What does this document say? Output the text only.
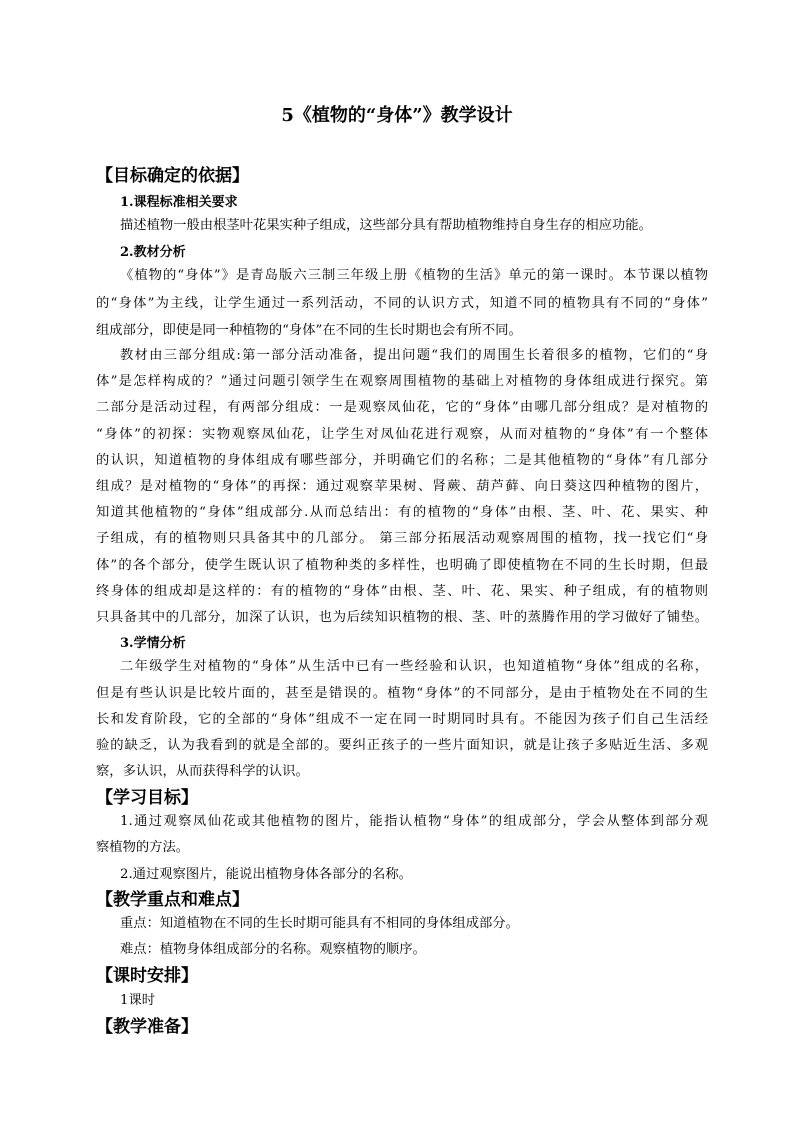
5《植物的“身体”》教学设计
【目标确定的依据】
1.课程标准相关要求
描述植物一般由根茎叶花果实种子组成，这些部分具有帮助植物维持自身生存的相应功能。
2.教材分析
《植物的“身体”》是青岛版六三制三年级上册《植物的生活》单元的第一课时。本节课以植物
的“身体”为主线，让学生通过一系列活动，不同的认识方式，知道不同的植物具有不同的“身体”
组成部分，即使是同一种植物的“身体”在不同的生长时期也会有所不同。
教材由三部分组成:第一部分活动准备，提出问题“我们的周围生长着很多的植物，它们的“身
体”是怎样构成的？”通过问题引领学生在观察周围植物的基础上对植物的身体组成进行探究。第
二部分是活动过程，有两部分组成：一是观察凤仙花，它的“身体”由哪几部分组成？是对植物的
“身体”的初探：实物观察凤仙花，让学生对凤仙花进行观察，从而对植物的“身体”有一个整体
的认识，知道植物的身体组成有哪些部分，并明确它们的名称；二是其他植物的“身体”有几部分
组成？是对植物的“身体”的再探：通过观察苹果树、肾蕨、葫芦藓、向日葵这四种植物的图片，
知道其他植物的“身体”组成部分.从而总结出：有的植物的“身体”由根、茎、叶、花、果实、种
子组成，有的植物则只具备其中的几部分。 第三部分拓展活动观察周围的植物，找一找它们“身
体”的各个部分，使学生既认识了植物种类的多样性，也明确了即使植物在不同的生长时期，但最
终身体的组成却是这样的：有的植物的“身体”由根、茎、叶、花、果实、种子组成，有的植物则
只具备其中的几部分，加深了认识，也为后续知识植物的根、茎、叶的蒸腾作用的学习做好了铺垫。
3.学情分析
二年级学生对植物的“身体”从生活中已有一些经验和认识，也知道植物“身体”组成的名称，
但是有些认识是比较片面的，甚至是错误的。植物“身体”的不同部分，是由于植物处在不同的生
长和发育阶段，它的全部的“身体”组成不一定在同一时期同时具有。不能因为孩子们自己生活经
验的缺乏，认为我看到的就是全部的。要纠正孩子的一些片面知识，就是让孩子多贴近生活、多观
察，多认识，从而获得科学的认识。
【学习目标】
1.通过观察凤仙花或其他植物的图片，能指认植物“身体”的组成部分，学会从整体到部分观
察植物的方法。
2.通过观察图片，能说出植物身体各部分的名称。
【教学重点和难点】
重点：知道植物在不同的生长时期可能具有不相同的身体组成部分。
难点：植物身体组成部分的名称。观察植物的顺序。
【课时安排】
1课时
【教学准备】
